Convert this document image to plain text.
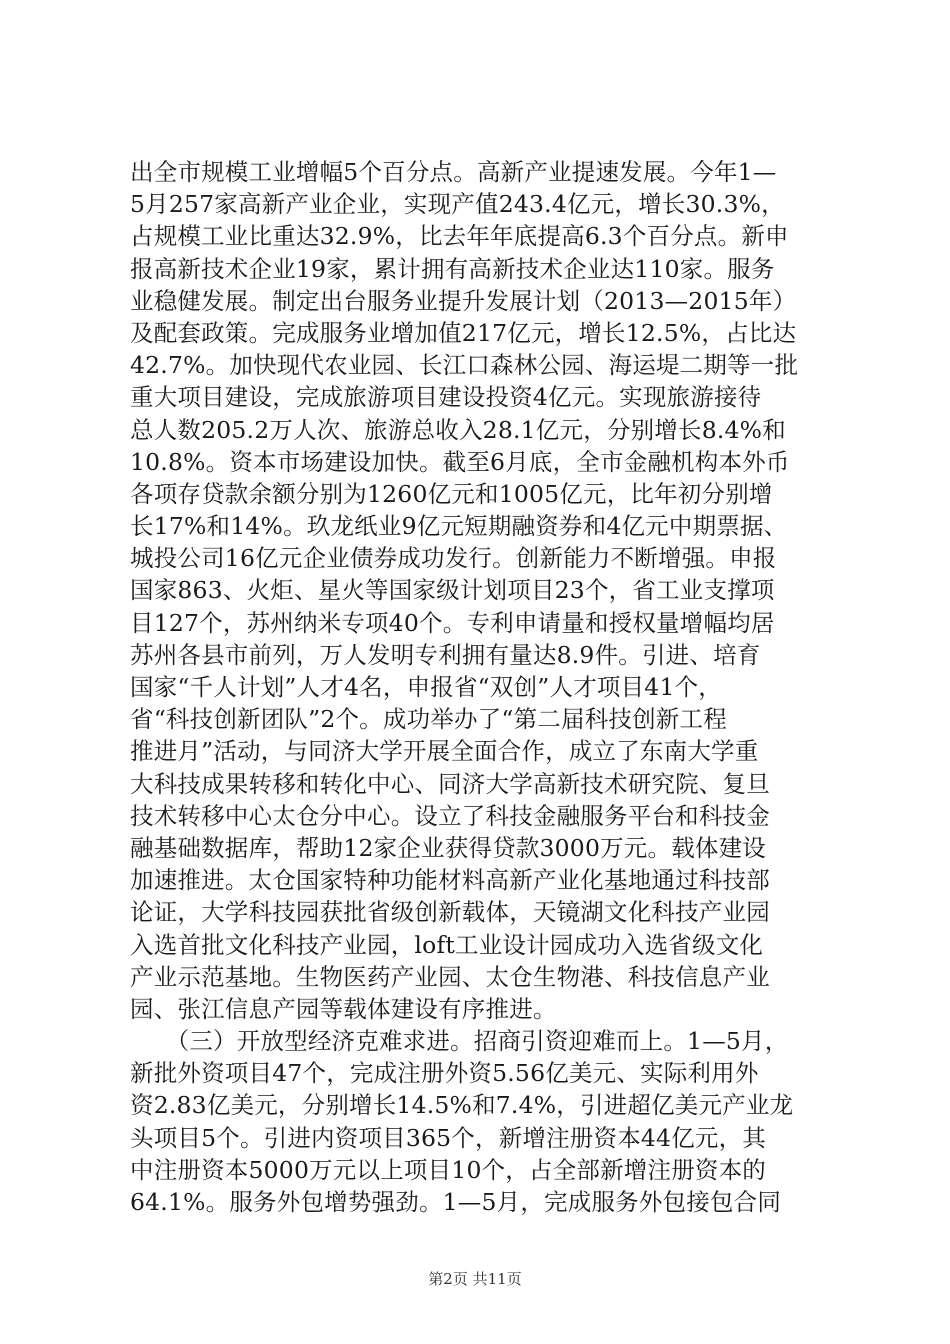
出全市规模工业增幅5个百分点。高新产业提速发展。今年1—
5月257家高新产业企业，实现产值243.4亿元，增长30.3%，
占规模工业比重达32.9%，比去年年底提高6.3个百分点。新申
报高新技术企业19家，累计拥有高新技术企业达110家。服务
业稳健发展。制定出台服务业提升发展计划（2013—2015年）
及配套政策。完成服务业增加值217亿元，增长12.5%，占比达
42.7%。加快现代农业园、长江口森林公园、海运堤二期等一批
重大项目建设，完成旅游项目建设投资4亿元。实现旅游接待
总人数205.2万人次、旅游总收入28.1亿元，分别增长8.4%和
10.8%。资本市场建设加快。截至6月底，全市金融机构本外币
各项存贷款余额分别为1260亿元和1005亿元，比年初分别增
长17%和14%。玖龙纸业9亿元短期融资券和4亿元中期票据、
城投公司16亿元企业债券成功发行。创新能力不断增强。申报
国家863、火炬、星火等国家级计划项目23个，省工业支撑项
目127个，苏州纳米专项40个。专利申请量和授权量增幅均居
苏州各县市前列，万人发明专利拥有量达8.9件。引进、培育
国家“千人计划”人才4名，申报省“双创”人才项目41个，
省“科技创新团队”2个。成功举办了“第二届科技创新工程
推进月”活动，与同济大学开展全面合作，成立了东南大学重
大科技成果转移和转化中心、同济大学高新技术研究院、复旦
技术转移中心太仓分中心。设立了科技金融服务平台和科技金
融基础数据库，帮助12家企业获得贷款3000万元。载体建设
加速推进。太仓国家特种功能材料高新产业化基地通过科技部
论证，大学科技园获批省级创新载体，天镜湖文化科技产业园
入选首批文化科技产业园，loft工业设计园成功入选省级文化
产业示范基地。生物医药产业园、太仓生物港、科技信息产业
园、张江信息产园等载体建设有序推进。
　　（三）开放型经济克难求进。招商引资迎难而上。1—5月，
新批外资项目47个，完成注册外资5.56亿美元、实际利用外
资2.83亿美元，分别增长14.5%和7.4%，引进超亿美元产业龙
头项目5个。引进内资项目365个，新增注册资本44亿元，其
中注册资本5000万元以上项目10个，占全部新增注册资本的
64.1%。服务外包增势强劲。1—5月，完成服务外包接包合同
第2页 共11页
